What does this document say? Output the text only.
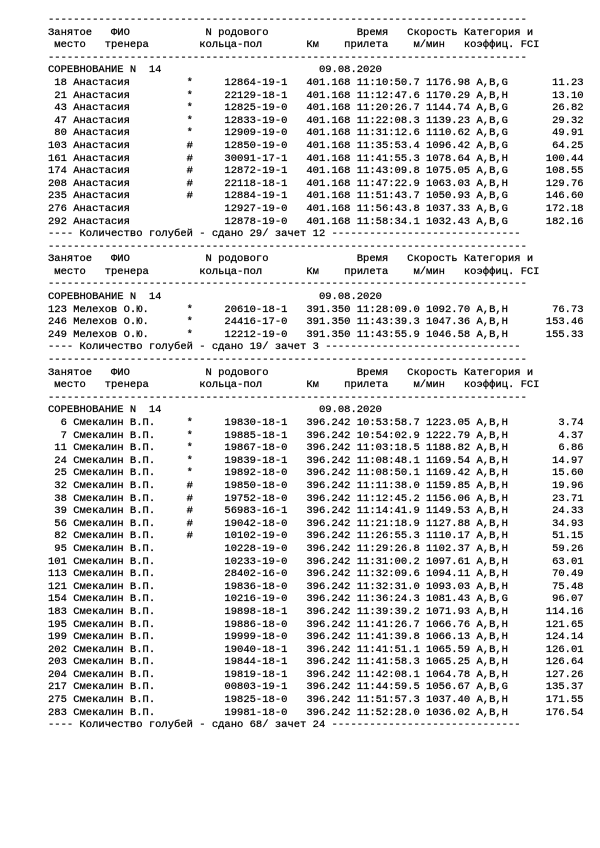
----------------------------------------------------------------------------
Занятое   ФИО            N родового              Время   Скорость Категория и
место   тренера        кольца-пол       Км    прилета    м/мин   коэффиц. FCI
----------------------------------------------------------------------------
СОРЕВНОВАНИЕ N  14                         09.08.2020
18 Анастасия         *     12864-19-1   401.168 11:10:50.7 1176.98 A,B,G       11.23
21 Анастасия         *     22129-18-1   401.168 11:12:47.6 1170.29 A,B,H       13.10
43 Анастасия         *     12825-19-0   401.168 11:20:26.7 1144.74 A,B,G       26.82
47 Анастасия         *     12833-19-0   401.168 11:22:08.3 1139.23 A,B,G       29.32
80 Анастасия         *     12909-19-0   401.168 11:31:12.6 1110.62 A,B,G       49.91
103 Анастасия         #     12850-19-0   401.168 11:35:53.4 1096.42 A,B,G       64.25
161 Анастасия         #     30091-17-1   401.168 11:41:55.3 1078.64 A,B,H      100.44
174 Анастасия         #     12872-19-1   401.168 11:43:09.8 1075.05 A,B,G      108.55
208 Анастасия         #     22118-18-1   401.168 11:47:22.9 1063.03 A,B,H      129.76
235 Анастасия         #     12884-19-1   401.168 11:51:43.7 1050.93 A,B,G      146.60
276 Анастасия               12927-19-0   401.168 11:56:43.8 1037.33 A,B,G      172.18
292 Анастасия               12878-19-0   401.168 11:58:34.1 1032.43 A,B,G      182.16
---- Количество голубей - сдано 29/ зачет 12 ------------------------------
----------------------------------------------------------------------------
Занятое   ФИО            N родового              Время   Скорость Категория и
место   тренера        кольца-пол       Км    прилета    м/мин   коэффиц. FCI
----------------------------------------------------------------------------
СОРЕВНОВАНИЕ N  14                         09.08.2020
123 Мелехов О.Ю.      *     20610-18-1   391.350 11:28:09.0 1092.70 A,B,H       76.73
246 Мелехов О.Ю.      *     24416-17-0   391.350 11:43:39.3 1047.36 A,B,H      153.46
249 Мелехов О.Ю.      *     12212-19-0   391.350 11:43:55.9 1046.58 A,B,H      155.33
---- Количество голубей - сдано 19/ зачет 3 -------------------------------
----------------------------------------------------------------------------
Занятое   ФИО            N родового              Время   Скорость Категория и
место   тренера        кольца-пол       Км    прилета    м/мин   коэффиц. FCI
----------------------------------------------------------------------------
СОРЕВНОВАНИЕ N  14                         09.08.2020
6 Смекалин В.П.     *     19830-18-1   396.242 10:53:58.7 1223.05 A,B,H        3.74
7 Смекалин В.П.     *     19885-18-1   396.242 10:54:02.9 1222.79 A,B,H        4.37
11 Смекалин В.П.     *     19867-18-0   396.242 11:03:18.5 1188.82 A,B,H        6.86
24 Смекалин В.П.     *     19839-18-1   396.242 11:08:48.1 1169.54 A,B,H       14.97
25 Смекалин В.П.     *     19892-18-0   396.242 11:08:50.1 1169.42 A,B,H       15.60
32 Смекалин В.П.     #     19850-18-0   396.242 11:11:38.0 1159.85 A,B,H       19.96
38 Смекалин В.П.     #     19752-18-0   396.242 11:12:45.2 1156.06 A,B,H       23.71
39 Смекалин В.П.     #     56983-16-1   396.242 11:14:41.9 1149.53 A,B,H       24.33
56 Смекалин В.П.     #     19042-18-0   396.242 11:21:18.9 1127.88 A,B,H       34.93
82 Смекалин В.П.     #     10102-19-0   396.242 11:26:55.3 1110.17 A,B,H       51.15
95 Смекалин В.П.           10228-19-0   396.242 11:29:26.8 1102.37 A,B,H       59.26
101 Смекалин В.П.           10233-19-0   396.242 11:31:00.2 1097.61 A,B,H       63.01
113 Смекалин В.П.           28402-16-0   396.242 11:32:09.6 1094.11 A,B,H       70.49
121 Смекалин В.П.           19836-18-0   396.242 11:32:31.0 1093.03 A,B,H       75.48
154 Смекалин В.П.           10216-19-0   396.242 11:36:24.3 1081.43 A,B,G       96.07
183 Смекалин В.П.           19898-18-1   396.242 11:39:39.2 1071.93 A,B,H      114.16
195 Смекалин В.П.           19886-18-0   396.242 11:41:26.7 1066.76 A,B,H      121.65
199 Смекалин В.П.           19999-18-0   396.242 11:41:39.8 1066.13 A,B,H      124.14
202 Смекалин В.П.           19040-18-1   396.242 11:41:51.1 1065.59 A,B,H      126.01
203 Смекалин В.П.           19844-18-1   396.242 11:41:58.3 1065.25 A,B,H      126.64
204 Смекалин В.П.           19819-18-1   396.242 11:42:08.1 1064.78 A,B,H      127.26
217 Смекалин В.П.           00803-19-1   396.242 11:44:59.5 1056.67 A,B,G      135.37
275 Смекалин В.П.           19825-18-0   396.242 11:51:57.3 1037.40 A,B,H      171.55
283 Смекалин В.П.           19981-18-0   396.242 11:52:28.0 1036.02 A,B,H      176.54
---- Количество голубей - сдано 68/ зачет 24 ------------------------------
